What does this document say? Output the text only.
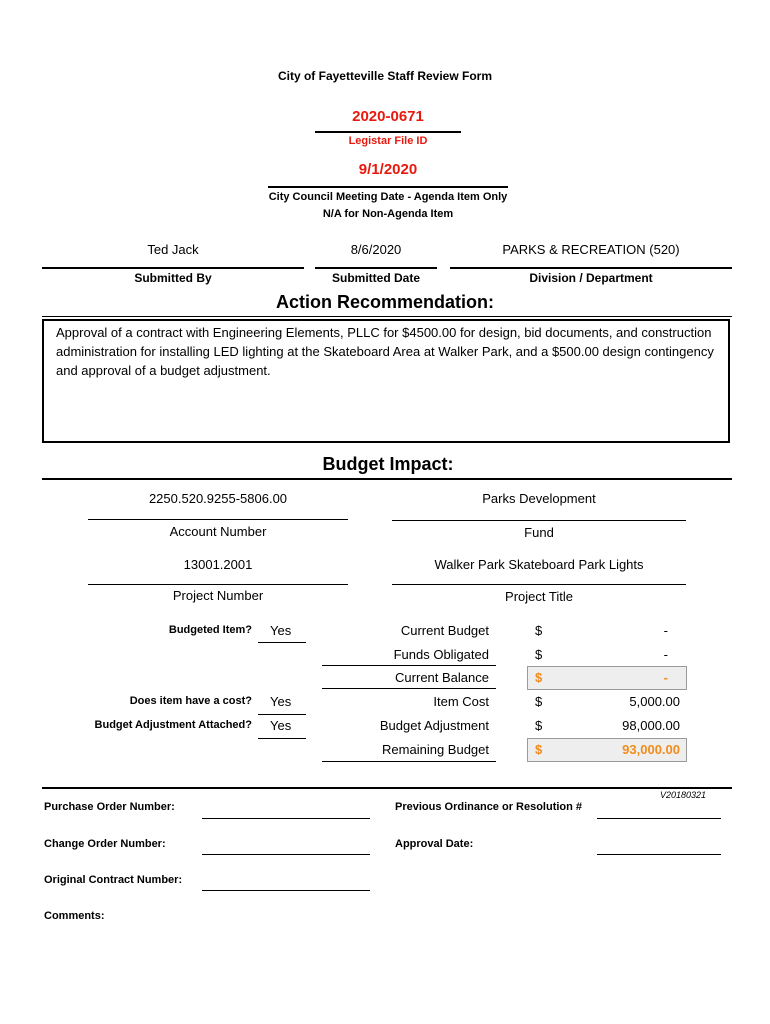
City of Fayetteville Staff Review Form
2020-0671
Legistar File ID
9/1/2020
City Council Meeting Date - Agenda Item Only
N/A for Non-Agenda Item
Ted Jack
Submitted By
8/6/2020
Submitted Date
PARKS & RECREATION (520)
Division / Department
Action Recommendation:
Approval of a contract with Engineering Elements, PLLC for $4500.00 for design, bid documents, and construction administration for installing LED lighting at the Skateboard Area at Walker Park, and a $500.00 design contingency and approval of a budget adjustment.
Budget Impact:
2250.520.9255-5806.00
Account Number
Parks Development
Fund
13001.2001
Project Number
Walker Park Skateboard Park Lights
Project Title
Budgeted Item? Yes
Does item have a cost? Yes
Budget Adjustment Attached? Yes
Current Budget	$	-
Funds Obligated	$	-
Current Balance	$	-
Item Cost	$	5,000.00
Budget Adjustment	$	98,000.00
Remaining Budget	$	93,000.00
V20180321
Purchase Order Number:	Previous Ordinance or Resolution #
Change Order Number:	Approval Date:
Original Contract Number:
Comments:
